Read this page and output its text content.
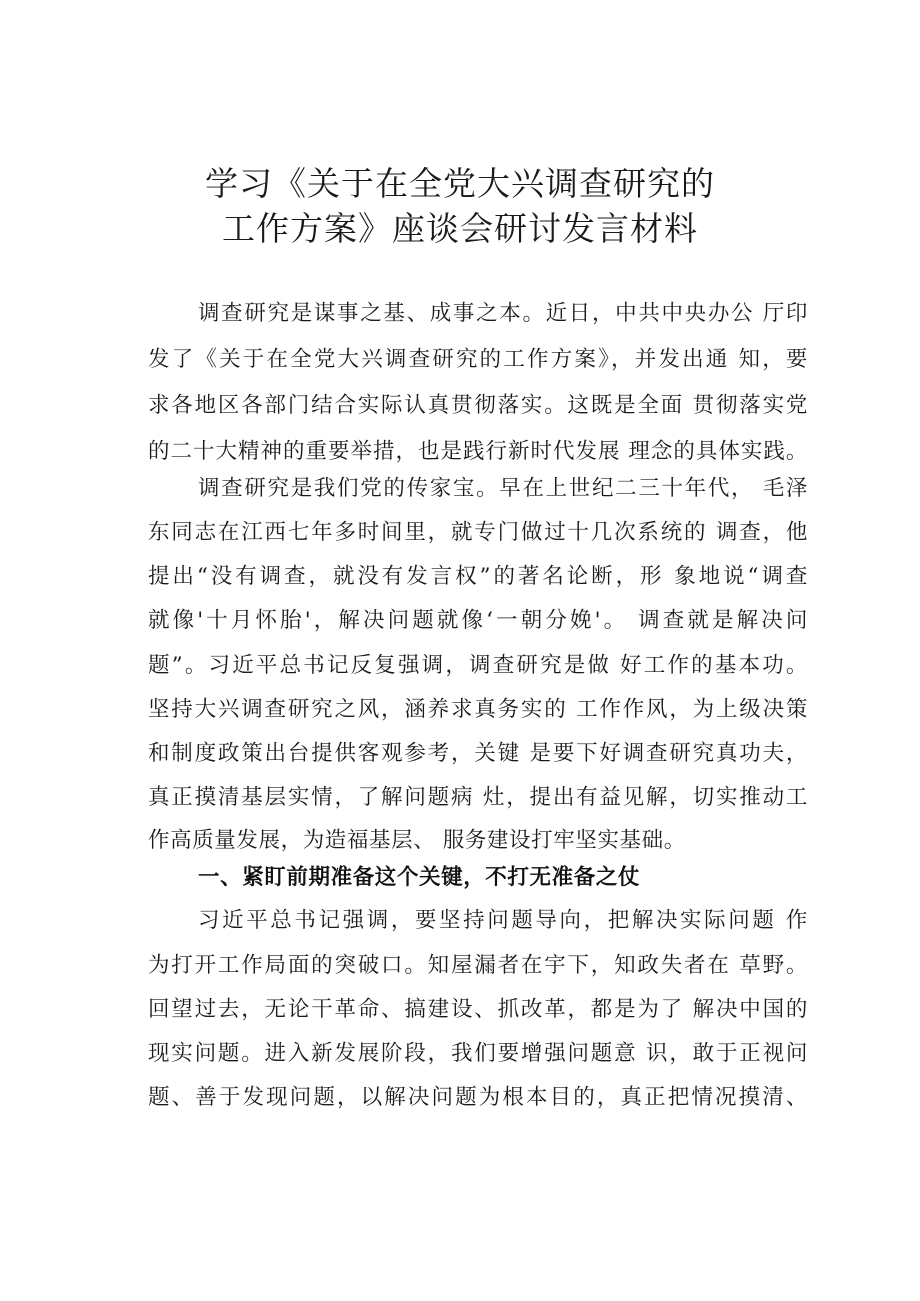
学习《关于在全党大兴调查研究的
工作方案》座谈会研讨发言材料
调查研究是谋事之基、成事之本。近日，中共中央办公 厅印
发了《关于在全党大兴调查研究的工作方案》，并发出通 知，要
求各地区各部门结合实际认真贯彻落实。这既是全面 贯彻落实党
的二十大精神的重要举措，也是践行新时代发展 理念的具体实践。
调查研究是我们党的传家宝。早在上世纪二三十年代， 毛泽
东同志在江西七年多时间里，就专门做过十几次系统的 调查，他
提出“没有调查，就没有发言权”的著名论断，形 象地说“调查
就像'十月怀胎'，解决问题就像‘一朝分娩'。 调查就是解决问
题”。习近平总书记反复强调，调查研究是做 好工作的基本功。
坚持大兴调查研究之风，涵养求真务实的 工作作风，为上级决策
和制度政策出台提供客观参考，关键 是要下好调查研究真功夫，
真正摸清基层实情，了解问题病 灶，提出有益见解，切实推动工
作高质量发展，为造福基层、 服务建设打牢坚实基础。
一、紧盯前期准备这个关键，不打无准备之仗
习近平总书记强调，要坚持问题导向，把解决实际问题 作
为打开工作局面的突破口。知屋漏者在宇下，知政失者在 草野。
回望过去，无论干革命、搞建设、抓改革，都是为了 解决中国的
现实问题。进入新发展阶段，我们要增强问题意 识，敢于正视问
题、善于发现问题，以解决问题为根本目的，真正把情况摸清、
